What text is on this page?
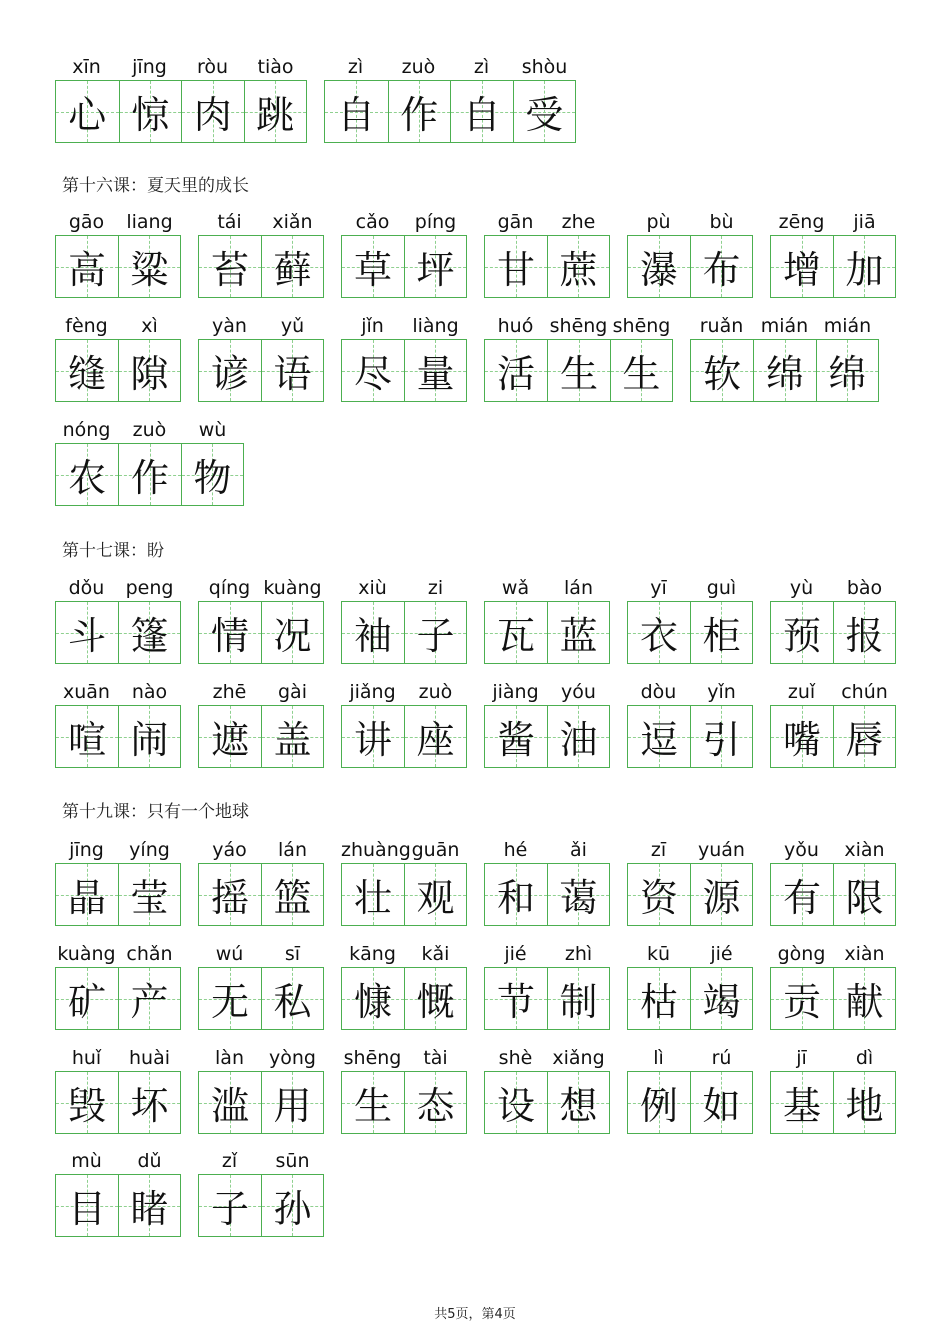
xīn	jīng	ròu	tiào
心 惊 肉 跳
zì	zuò	zì	shòu
自 作 自 受
第十六课：夏天里的成长
gāo	liang
高 粱
tái	xiǎn
苔 藓
cǎo	píng
草 坪
gān	zhe
甘 蔗
pù	bù
瀑 布
zēng	jiā
增 加
fèng	xì
缝 隙
yàn	yǔ
谚 语
jǐn	liàng
尽 量
huó shēng shēng
活 生 生
ruǎn mián mián
软 绵 绵
nóng	zuò	wù
农 作 物
第十七课：盼
dǒu	peng
斗 篷
qíng kuàng
情 况
xiù	zi
袖 子
wǎ	lán
瓦 蓝
yī	guì
衣 柜
yù	bào
预 报
xuān	nào
喧 闹
zhē	gài
遮 盖
jiǎng	zuò
讲 座
jiàng	yóu
酱 油
dòu	yǐn
逗 引
zuǐ	chún
嘴 唇
第十九课：只有一个地球
jīng	yíng
晶 莹
yáo	lán
摇 篮
zhuàng guān
壮 观
hé	ǎi
和 蔼
zī	yuán
资 源
yǒu	xiàn
有 限
kuàng chǎn
矿 产
wú	sī
无 私
kāng	kǎi
慷 慨
jié	zhì
节 制
kū	jié
枯 竭
gòng	xiàn
贡 献
huǐ	huài
毁 坏
làn	yòng
滥 用
shēng	tài
生 态
shè	xiǎng
设 想
lì	rú
例 如
jī	dì
基 地
mù	dǔ
目 睹
zǐ	sūn
子 孙
共5页，第4页
